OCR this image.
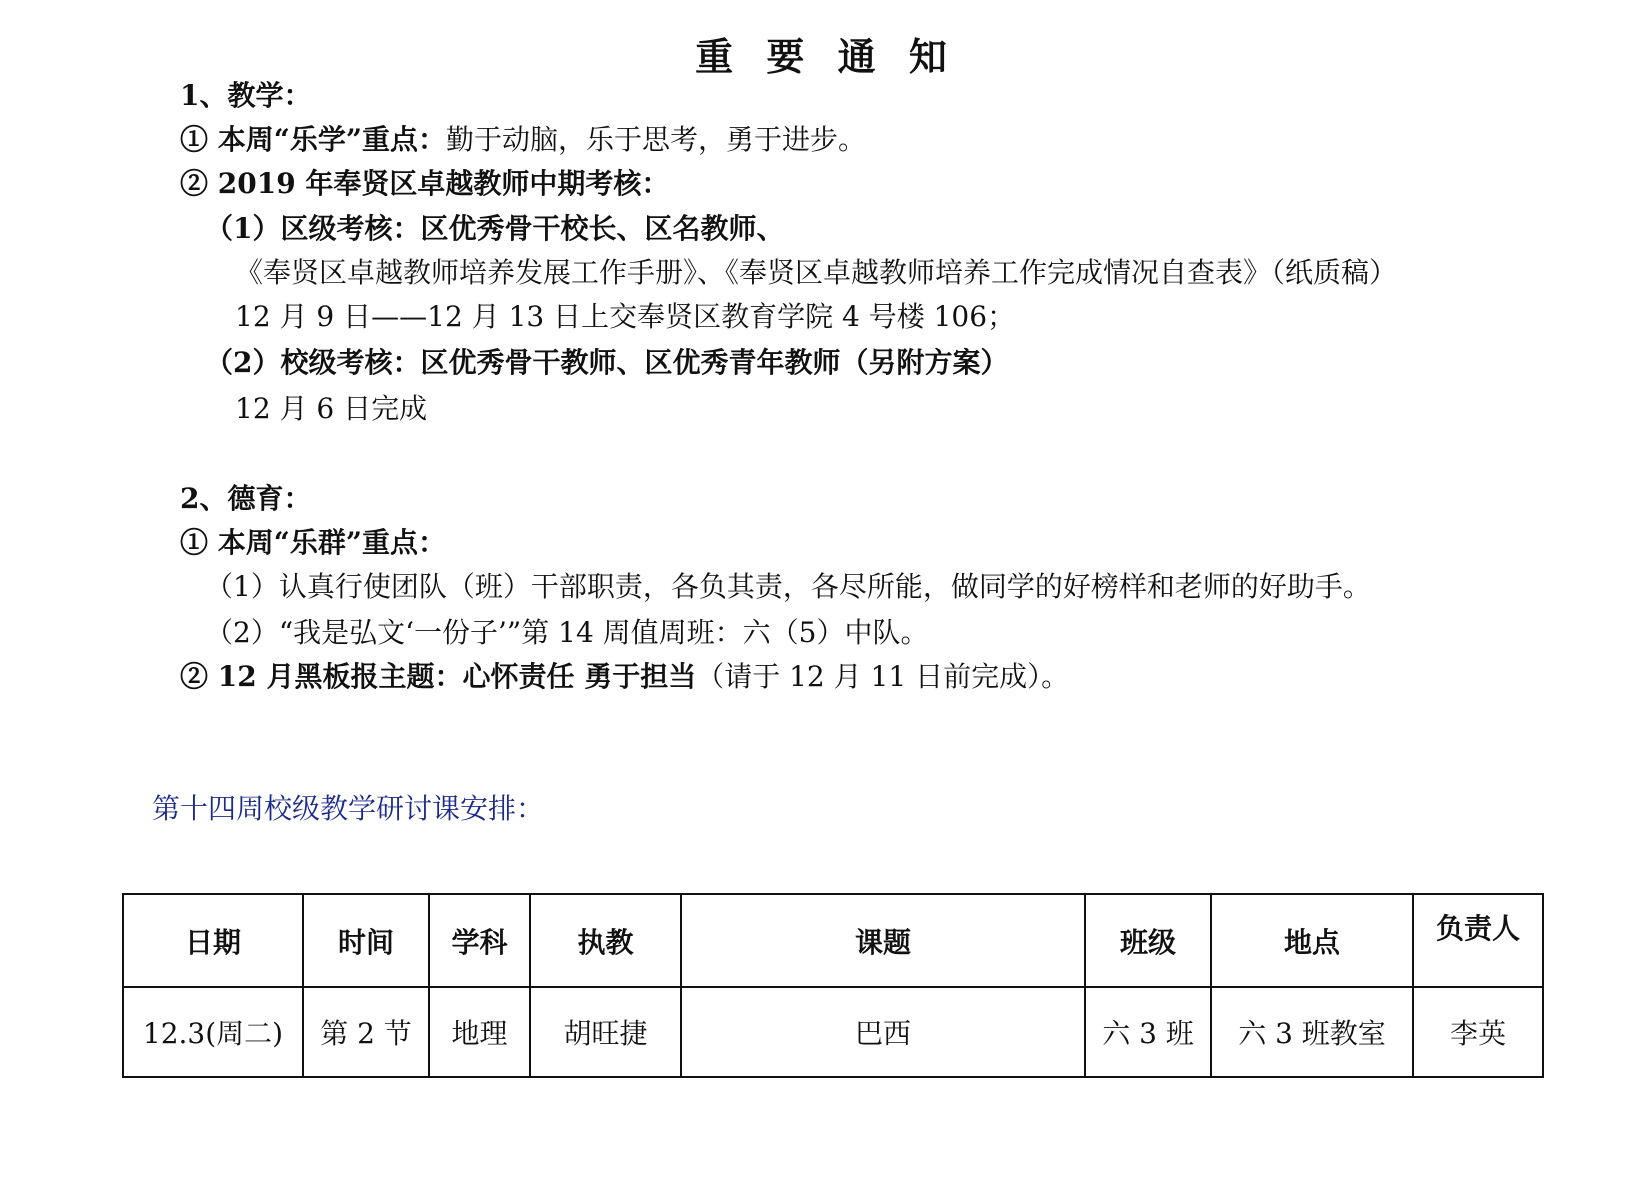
重 要 通 知
1、教学：
① 本周“乐学”重点：勤于动脑，乐于思考，勇于进步。
② 2019 年奉贤区卓越教师中期考核：
（1）区级考核：区优秀骨干校长、区名教师、
《奉贤区卓越教师培养发展工作手册》、《奉贤区卓越教师培养工作完成情况自查表》（纸质稿）
12 月 9 日——12 月 13 日上交奉贤区教育学院 4 号楼 106；
（2）校级考核：区优秀骨干教师、区优秀青年教师（另附方案）
12 月 6 日完成
2、德育：
① 本周“乐群”重点：
（1）认真行使团队（班）干部职责，各负其责，各尽所能，做同学的好榜样和老师的好助手。
（2）“我是弘文‘一份子’”第 14 周值周班：六（5）中队。
② 12 月黑板报主题：心怀责任 勇于担当（请于 12 月 11 日前完成）。
第十四周校级教学研讨课安排：
日期	时间	学科	执教	课题	班级	地点	负责人
12.3(周二)	第 2 节	地理	胡旺捷	巴西	六 3 班	六 3 班教室	李英
